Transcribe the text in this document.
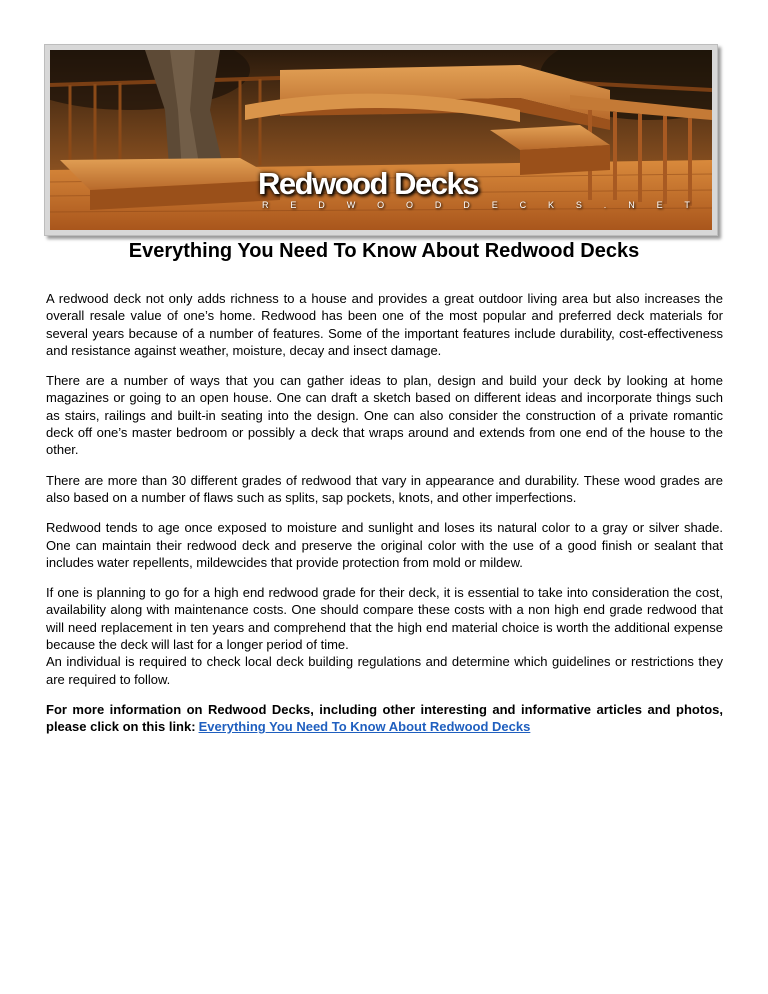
Redwood Decks
R E D W O O D D E C K S . N E T
Everything You Need To Know About Redwood Decks

A redwood deck not only adds richness to a house and provides a great outdoor living area but also increases the overall resale value of one’s home. Redwood has been one of the most popular and preferred deck materials for several years because of a number of features. Some of the important features include durability, cost-effectiveness and resistance against weather, moisture, decay and insect damage.

There are a number of ways that you can gather ideas to plan, design and build your deck by looking at home magazines or going to an open house. One can draft a sketch based on different ideas and incorporate things such as stairs, railings and built-in seating into the design. One can also consider the construction of a private romantic deck off one’s master bedroom or possibly a deck that wraps around and extends from one end of the house to the other.

There are more than 30 different grades of redwood that vary in appearance and durability. These wood grades are also based on a number of flaws such as splits, sap pockets, knots, and other imperfections.

Redwood tends to age once exposed to moisture and sunlight and loses its natural color to a gray or silver shade. One can maintain their redwood deck and preserve the original color with the use of a good finish or sealant that includes water repellents, mildewcides that provide protection from mold or mildew.

If one is planning to go for a high end redwood grade for their deck, it is essential to take into consideration the cost, availability along with maintenance costs. One should compare these costs with a non high end grade redwood that will need replacement in ten years and comprehend that the high end material choice is worth the additional expense because the deck will last for a longer period of time.

An individual is required to check local deck building regulations and determine which guidelines or restrictions they are required to follow.

For more information on Redwood Decks, including other interesting and informative articles and photos, please click on this link: Everything You Need To Know About Redwood Decks
